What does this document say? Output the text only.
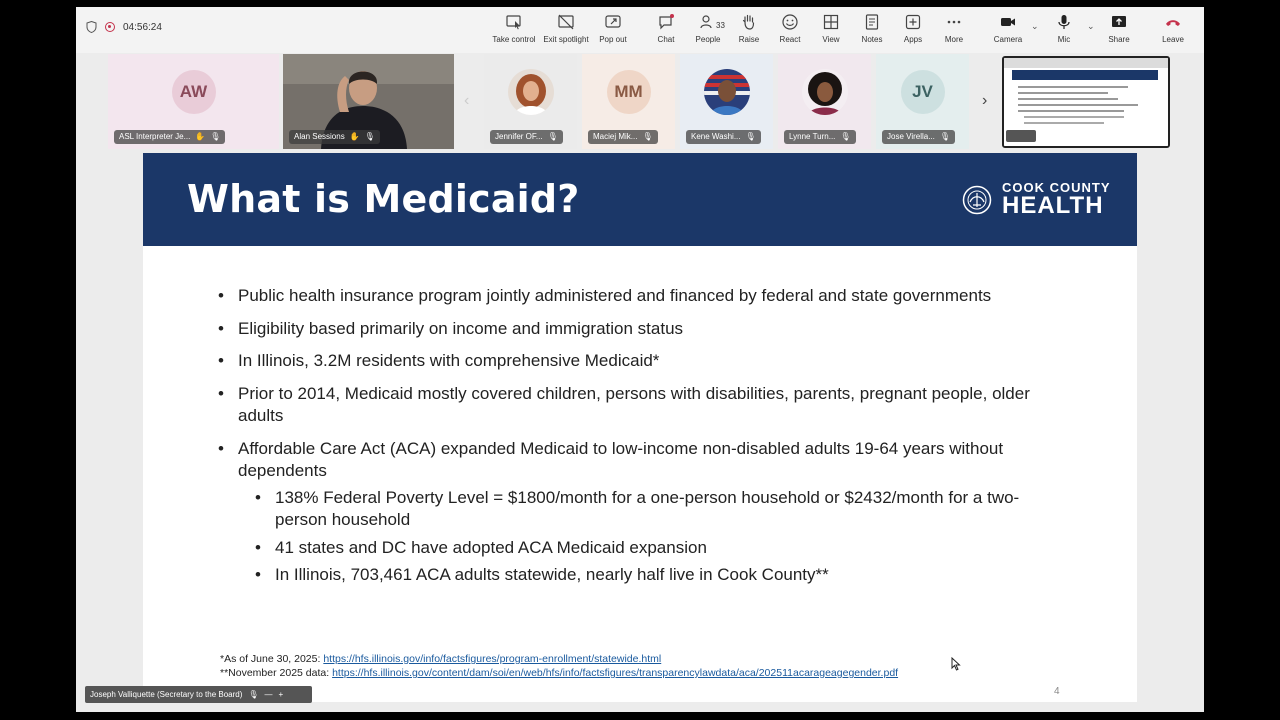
04:56:24
Take control Exit spotlight Pop out	Chat
33
People Raise	React	View	Notes	Apps	More	Camera
⌄
Mic
⌄
Share	Leave
AW
ASL Interpreter Je... ✋ 🎙	Alan Sessions ✋ 🎙
‹
Jennifer OF... 🎙
MM
Maciej Mik... 🎙	Kene Washi... 🎙	Lynne Turn... 🎙
JV
Jose Virella... 🎙
›
What is Medicaid?	COOK COUNTY
HEALTH
• Public health insurance program jointly administered and financed by federal and state governments
• Eligibility based primarily on income and immigration status
• In Illinois, 3.2M residents with comprehensive Medicaid*
• Prior to 2014, Medicaid mostly covered children, persons with disabilities, parents, pregnant people, older adults
• Affordable Care Act (ACA) expanded Medicaid to low-income non-disabled adults 19-64 years without dependents
• 138% Federal Poverty Level = $1800/month for a one-person household or $2432/month for a two-person household
• 41 states and DC have adopted ACA Medicaid expansion
• In Illinois, 703,461 ACA adults statewide, nearly half live in Cook County**
*As of June 30, 2025: https://hfs.illinois.gov/info/factsfigures/program-enrollment/statewide.html
**November 2025 data: https://hfs.illinois.gov/content/dam/soi/en/web/hfs/info/factsfigures/transparencylawdata/aca/202511acarageagegender.pdf
4
Joseph Valliquette (Secretary to the Board) 🎙 — +
